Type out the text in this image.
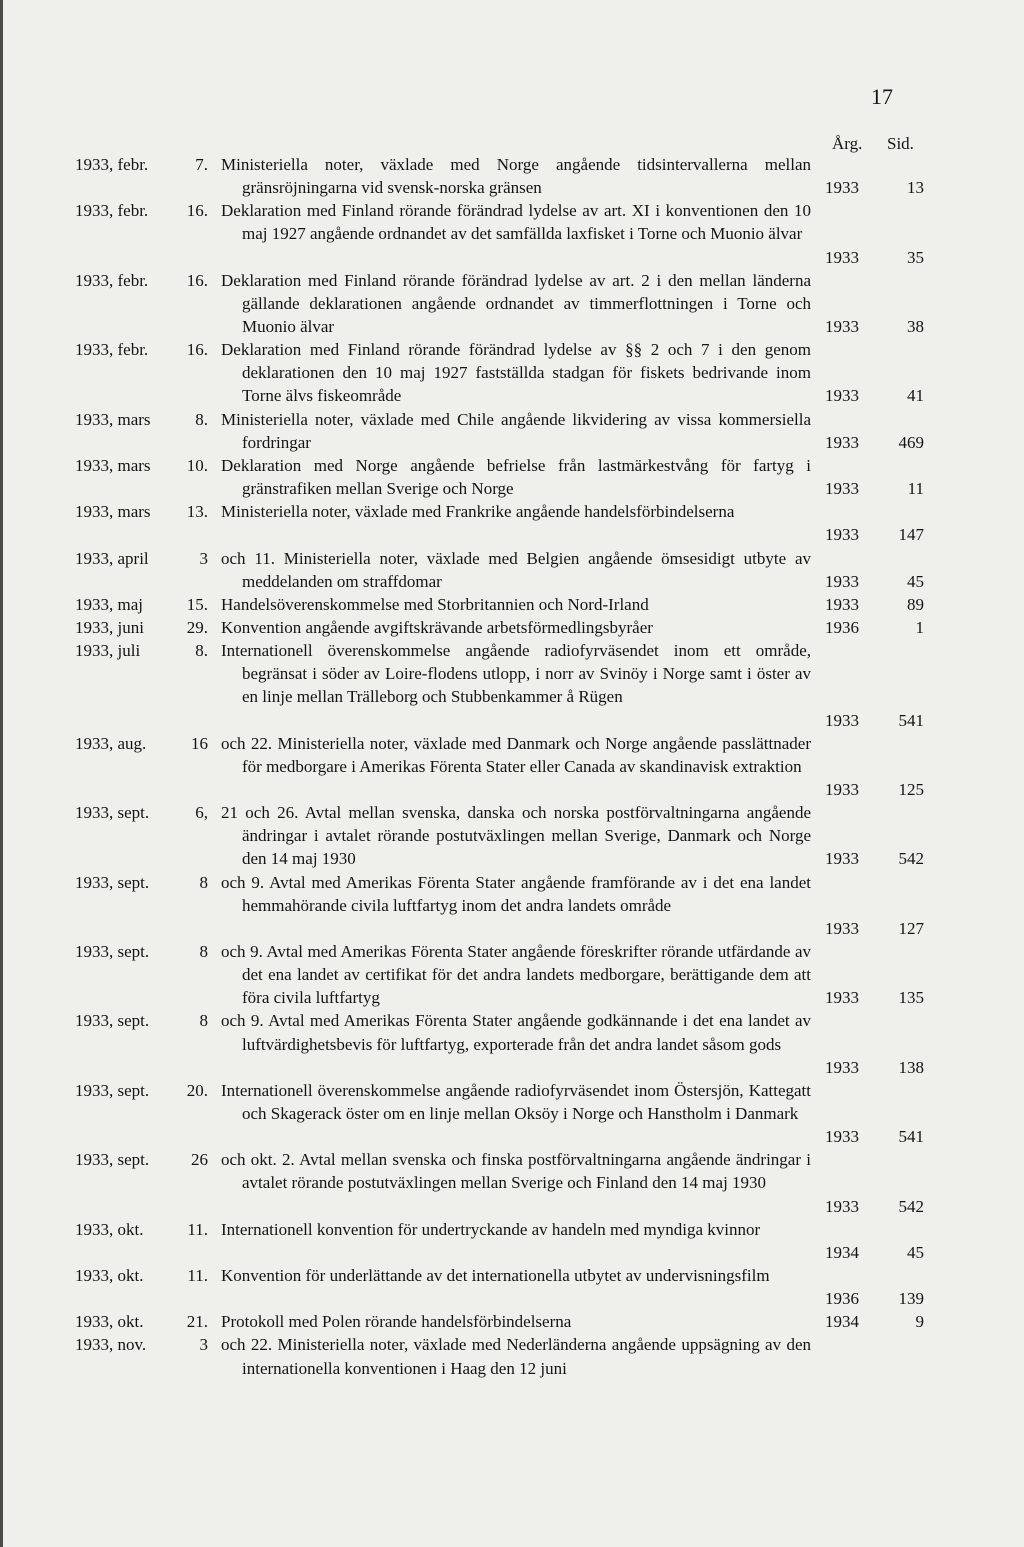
17
Årg. Sid.
1933, febr.	7. Ministeriella noter, växlade med Norge angående tidsintervallerna mellan gränsröjningarna vid svensk-norska gränsen	1933	13
1933, febr.	16. Deklaration med Finland rörande förändrad lydelse av art. XI i konventionen den 10 maj 1927 angående ordnandet av det samfällda laxfisket i Torne och Muonio älvar
1933	35
1933, febr.	16. Deklaration med Finland rörande förändrad lydelse av art. 2 i den mellan länderna gällande deklarationen angående ordnandet av timmerflottningen i Torne och Muonio älvar	1933	38
1933, febr.	16. Deklaration med Finland rörande förändrad lydelse av §§ 2 och 7 i den genom deklarationen den 10 maj 1927 fastställda stadgan för fiskets bedrivande inom Torne älvs fiskeområde	1933	41
1933, mars	8. Ministeriella noter, växlade med Chile angående likvidering av vissa kommersiella fordringar	1933	469
1933, mars	10. Deklaration med Norge angående befrielse från lastmärkestvång för fartyg i gränstrafiken mellan Sverige och Norge	1933	11
1933, mars	13. Ministeriella noter, växlade med Frankrike angående handelsförbindelserna
1933	147
1933, april	3 och 11. Ministeriella noter, växlade med Belgien angående ömsesidigt utbyte av meddelanden om straffdomar	1933	45
1933, maj	15. Handelsöverenskommelse med Storbritannien och Nord-Irland	1933	89
1933, juni	29. Konvention angående avgiftskrävande arbetsförmedlingsbyråer	1936	1
1933, juli	8. Internationell överenskommelse angående radiofyrväsendet inom ett område, begränsat i söder av Loire-flodens utlopp, i norr av Svinöy i Norge samt i öster av en linje mellan Trälleborg och Stubbenkammer å Rügen
1933	541
1933, aug.	16 och 22. Ministeriella noter, växlade med Danmark och Norge angående passlättnader för medborgare i Amerikas Förenta Stater eller Canada av skandinavisk extraktion
1933	125
1933, sept.	6, 21 och 26. Avtal mellan svenska, danska och norska postförvaltningarna angående ändringar i avtalet rörande postutväxlingen mellan Sverige, Danmark och Norge den 14 maj 1930	1933	542
1933, sept.	8 och 9. Avtal med Amerikas Förenta Stater angående framförande av i det ena landet hemmahörande civila luftfartyg inom det andra landets område
1933	127
1933, sept.	8 och 9. Avtal med Amerikas Förenta Stater angående föreskrifter rörande utfärdande av det ena landet av certifikat för det andra landets medborgare, berättigande dem att föra civila luftfartyg	1933	135
1933, sept.	8 och 9. Avtal med Amerikas Förenta Stater angående godkännande i det ena landet av luftvärdighetsbevis för luftfartyg, exporterade från det andra landet såsom gods
1933	138
1933, sept.	20. Internationell överenskommelse angående radiofyrväsendet inom Östersjön, Kattegatt och Skagerack öster om en linje mellan Oksöy i Norge och Hanstholm i Danmark
1933	541
1933, sept.	26 och okt. 2. Avtal mellan svenska och finska postförvaltningarna angående ändringar i avtalet rörande postutväxlingen mellan Sverige och Finland den 14 maj 1930
1933	542
1933, okt.	11. Internationell konvention för undertryckande av handeln med myndiga kvinnor
1934	45
1933, okt.	11. Konvention för underlättande av det internationella utbytet av undervisningsfilm
1936	139
1933, okt.	21. Protokoll med Polen rörande handelsförbindelserna	1934	9
1933, nov.	3 och 22. Ministeriella noter, växlade med Nederländerna angående uppsägning av den internationella konventionen i Haag den 12 juni
